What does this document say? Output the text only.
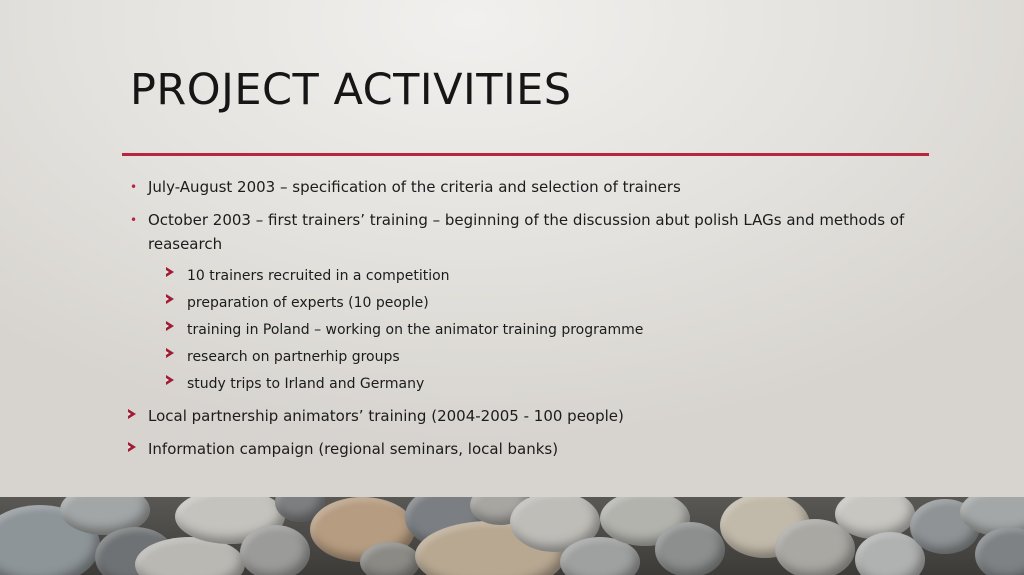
PROJECT ACTIVITIES
• July-August 2003 – specification of the criteria and selection of trainers
• October 2003 – first trainers’ training – beginning of the discussion abut polish LAGs and methods of reasearch
10 trainers recruited in a competition
preparation of experts (10 people)
training in Poland – working on the animator training programme
research on partnerhip groups
study trips to Irland and Germany
Local partnership animators’ training (2004-2005 - 100 people)
Information campaign (regional seminars, local banks)
